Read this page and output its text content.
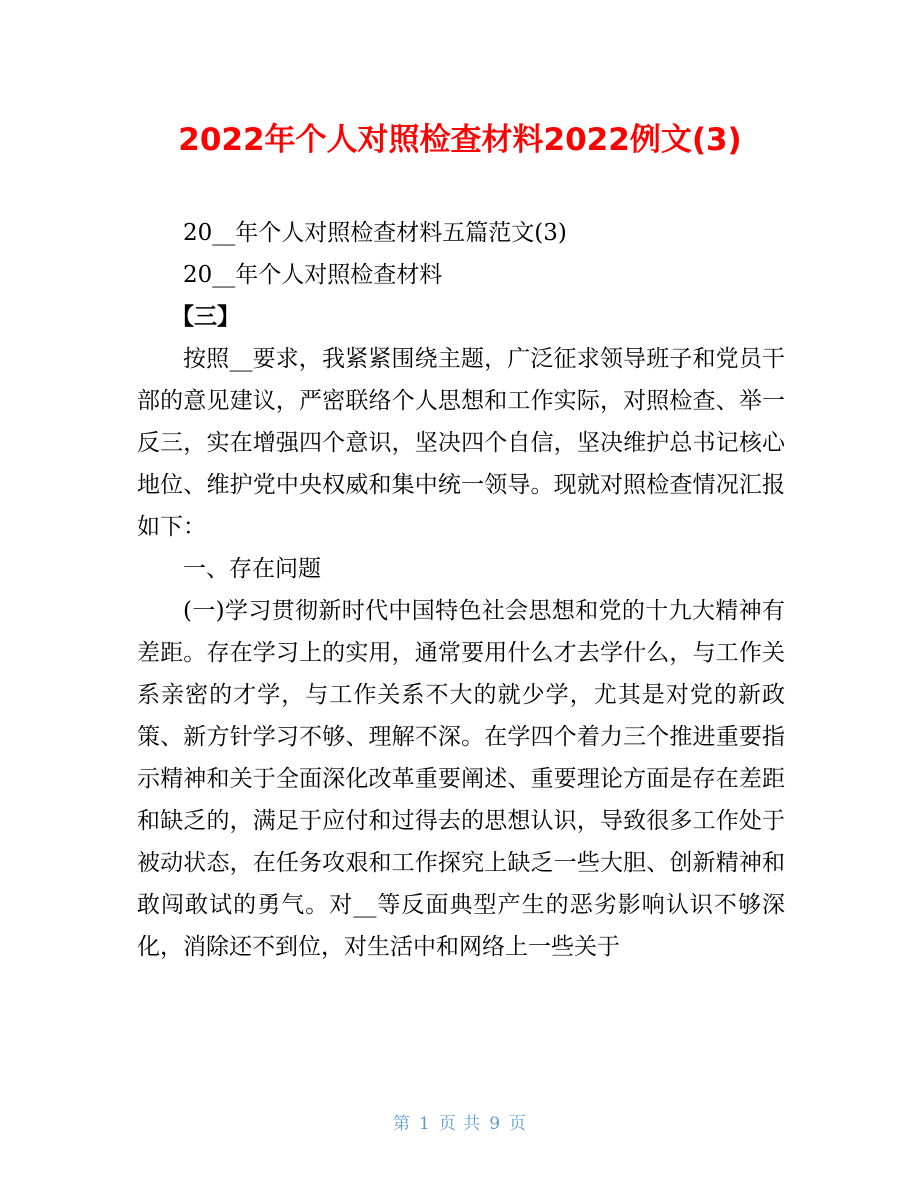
2022年个人对照检查材料2022例文(3)

20__年个人对照检查材料五篇范文(3)

20__年个人对照检查材料

【三】

按照__要求，我紧紧围绕主题，广泛征求领导班子和党员干部的意见建议，严密联络个人思想和工作实际，对照检查、举一反三，实在增强四个意识，坚决四个自信，坚决维护总书记核心地位、维护党中央权威和集中统一领导。现就对照检查情况汇报如下：

一、存在问题

(一)学习贯彻新时代中国特色社会思想和党的十九大精神有差距。存在学习上的实用，通常要用什么才去学什么，与工作关系亲密的才学，与工作关系不大的就少学，尤其是对党的新政策、新方针学习不够、理解不深。在学四个着力三个推进重要指示精神和关于全面深化改革重要阐述、重要理论方面是存在差距和缺乏的，满足于应付和过得去的思想认识，导致很多工作处于被动状态，在任务攻艰和工作探究上缺乏一些大胆、创新精神和敢闯敢试的勇气。对__等反面典型产生的恶劣影响认识不够深化，消除还不到位，对生活中和网络上一些关于

第 1 页 共 9 页
